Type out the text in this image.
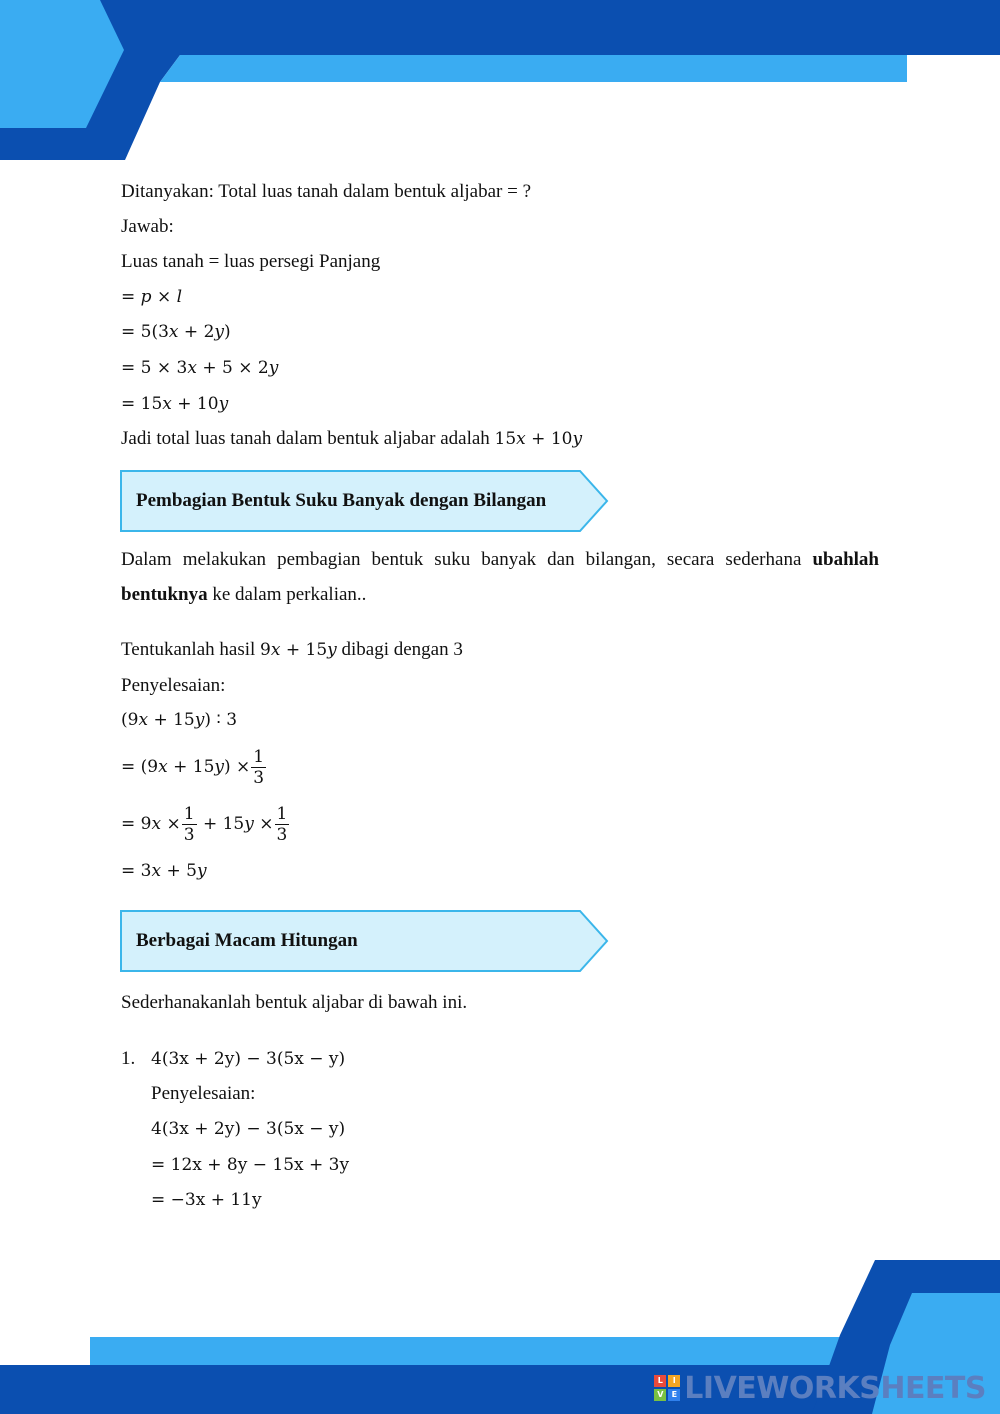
Ditanyakan: Total luas tanah dalam bentuk aljabar = ?
Jawab:
Luas tanah = luas persegi Panjang
= p × l
= 5(3x + 2y)
= 5 × 3x + 5 × 2y
= 15x + 10y
Jadi total luas tanah dalam bentuk aljabar adalah 15x + 10y
Pembagian Bentuk Suku Banyak dengan Bilangan
Dalam melakukan pembagian bentuk suku banyak dan bilangan, secara sederhana ubahlah bentuknya ke dalam perkalian..
Tentukanlah hasil 9x + 15y dibagi dengan 3
Penyelesaian:
(9x + 15y) ∶ 3
= $(9x + 15y) \times \frac{1}{3}$
= $9x \times \frac{1}{3} + 15y \times \frac{1}{3}$
= 3x + 5y
Berbagai Macam Hitungan
Sederhanakanlah bentuk aljabar di bawah ini.
1. 4(3x + 2y) − 3(5x − y)
Penyelesaian:
4(3x + 2y) − 3(5x − y)
= 12x + 8y − 15x + 3y
= −3x + 11y
L	I
V	E LIVEWORKSHEETS
